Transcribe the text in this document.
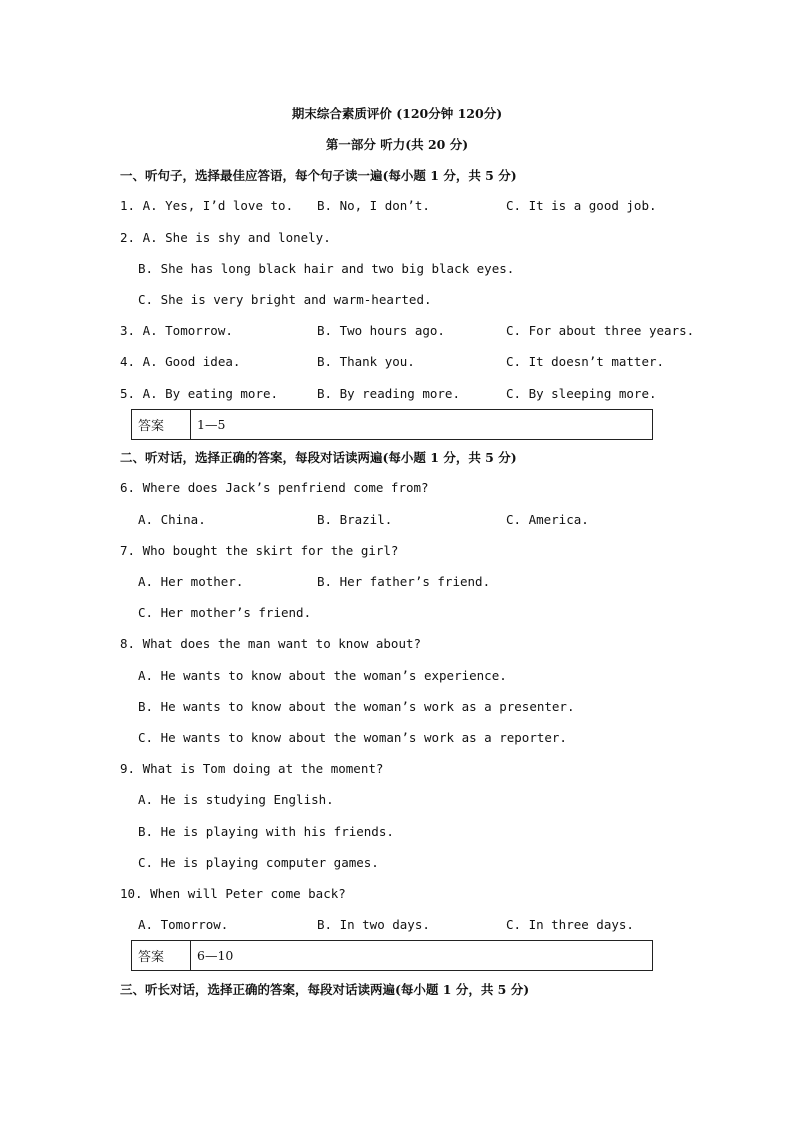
期末综合素质评价 (120分钟 120分)
第一部分 听力(共 20 分)
一、听句子，选择最佳应答语，每个句子读一遍(每小题 1 分，共 5 分)
1. A. Yes, I’d love to. B. No, I don’t.	C. It is a good job.
2. A. She is shy and lonely.
B. She has long black hair and two big black eyes.
C. She is very bright and warm-hearted.
3. A. Tomorrow.	B. Two hours ago.	C. For about three years.
4. A. Good idea.	B. Thank you.	C. It doesn’t matter.
5. A. By eating more.	B. By reading more.	C. By sleeping more.
答案	1—5
二、听对话，选择正确的答案，每段对话读两遍(每小题 1 分，共 5 分)
6. Where does Jack’s penfriend come from?
A. China.	B. Brazil.	C. America.
7. Who bought the skirt for the girl?
A. Her mother.	B. Her father’s friend.
C. Her mother’s friend.
8. What does the man want to know about?
A. He wants to know about the woman’s experience.
B. He wants to know about the woman’s work as a presenter.
C. He wants to know about the woman’s work as a reporter.
9. What is Tom doing at the moment?
A. He is studying English.
B. He is playing with his friends.
C. He is playing computer games.
10. When will Peter come back?
A. Tomorrow.	B. In two days.	C. In three days.
答案	6—10
三、听长对话，选择正确的答案，每段对话读两遍(每小题 1 分，共 5 分)
